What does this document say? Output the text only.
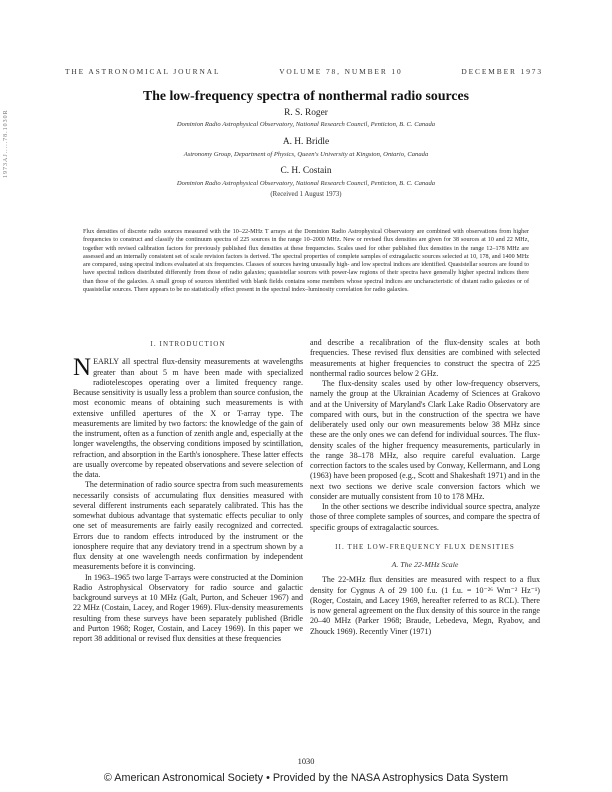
1973AJ.....78.1030R
THE ASTRONOMICAL JOURNAL	VOLUME 78, NUMBER 10	DECEMBER 1973
The low-frequency spectra of nonthermal radio sources

R. S. Roger

Dominion Radio Astrophysical Observatory, National Research Council, Penticton, B. C. Canada

A. H. Bridle

Astronomy Group, Department of Physics, Queen's University at Kingston, Ontario, Canada

C. H. Costain

Dominion Radio Astrophysical Observatory, National Research Council, Penticton, B. C. Canada

(Received 1 August 1973)

Flux densities of discrete radio sources measured with the 10–22-MHz T arrays at the Dominion Radio Astrophysical Observatory are combined with observations from higher frequencies to construct and classify the continuum spectra of 225 sources in the range 10–2000 MHz. New or revised flux densities are given for 38 sources at 10 and 22 MHz, together with revised calibration factors for previously published flux densities at these frequencies. Scales used for other published flux densities in the range 12–178 MHz are assessed and an internally consistent set of scale revision factors is derived. The spectral properties of complete samples of extragalactic sources selected at 10, 178, and 1400 MHz are compared, using spectral indices evaluated at six frequencies. Classes of sources having unusually high- and low spectral indices are identified. Quasistellar sources are found to have spectral indices distributed differently from those of radio galaxies; quasistellar sources with power-law regions of their spectra have generally higher spectral indices there than those of the galaxies. A small group of sources identified with blank fields contains some members whose spectral indices are uncharacteristic of distant radio galaxies or of quasistellar sources. There appears to be no statistically effect present in the spectral index–luminosity correlation for radio galaxies.

I. INTRODUCTION

NEARLY all spectral flux-density measurements at wavelengths greater than about 5 m have been made with specialized radiotelescopes operating over a limited frequency range. Because sensitivity is usually less a problem than source confusion, the most economic means of obtaining such measurements is with extensive unfilled apertures of the X or T-array type. The measurements are limited by two factors: the knowledge of the gain of the instrument, often as a function of zenith angle and, especially at the longer wavelengths, the observing conditions imposed by scintillation, refraction, and absorption in the Earth's ionosphere. These latter effects are usually overcome by repeated observations and severe selection of the data.

The determination of radio source spectra from such measurements necessarily consists of accumulating flux densities measured with several different instruments each separately calibrated. This has the somewhat dubious advantage that systematic effects peculiar to only one set of measurements are fairly easily recognized and corrected. Errors due to random effects introduced by the instrument or the ionosphere require that any deviatory trend in a spectrum shown by a flux density at one wavelength needs confirmation by independent measurements before it is convincing.

In 1963–1965 two large T-arrays were constructed at the Dominion Radio Astrophysical Observatory for radio source and galactic background surveys at 10 MHz (Galt, Purton, and Scheuer 1967) and 22 MHz (Costain, Lacey, and Roger 1969). Flux-density measurements resulting from these surveys have been separately published (Bridle and Purton 1968; Roger, Costain, and Lacey 1969). In this paper we report 38 additional or revised flux densities at these frequencies

and describe a recalibration of the flux-density scales at both frequencies. These revised flux densities are combined with selected measurements at higher frequencies to construct the spectra of 225 nonthermal radio sources below 2 GHz.

The flux-density scales used by other low-frequency observers, namely the group at the Ukrainian Academy of Sciences at Grakovo and at the University of Maryland's Clark Lake Radio Observatory are compared with ours, but in the construction of the spectra we have deliberately used only our own measurements below 38 MHz since these are the only ones we can defend for individual sources. The flux-density scales of the higher frequency measurements, particularly in the range 38–178 MHz, also require careful evaluation. Large correction factors to the scales used by Conway, Kellermann, and Long (1963) have been proposed (e.g., Scott and Shakeshaft 1971) and in the next two sections we derive scale conversion factors which we consider are mutually consistent from 10 to 178 MHz.

In the other sections we describe individual source spectra, analyze those of three complete samples of sources, and compare the spectra of specific groups of extragalactic sources.

II. THE LOW-FREQUENCY FLUX DENSITIES
A. The 22-MHz Scale

The 22-MHz flux densities are measured with respect to a flux density for Cygnus A of 29 100 f.u. (1 f.u. = 10⁻²⁶ Wm⁻² Hz⁻¹) (Roger, Costain, and Lacey 1969, hereafter referred to as RCL). There is now general agreement on the flux density of this source in the range 20–40 MHz (Parker 1968; Braude, Lebedeva, Megn, Ryabov, and Zhouck 1969). Recently Viner (1971)

1030
© American Astronomical Society • Provided by the NASA Astrophysics Data System
